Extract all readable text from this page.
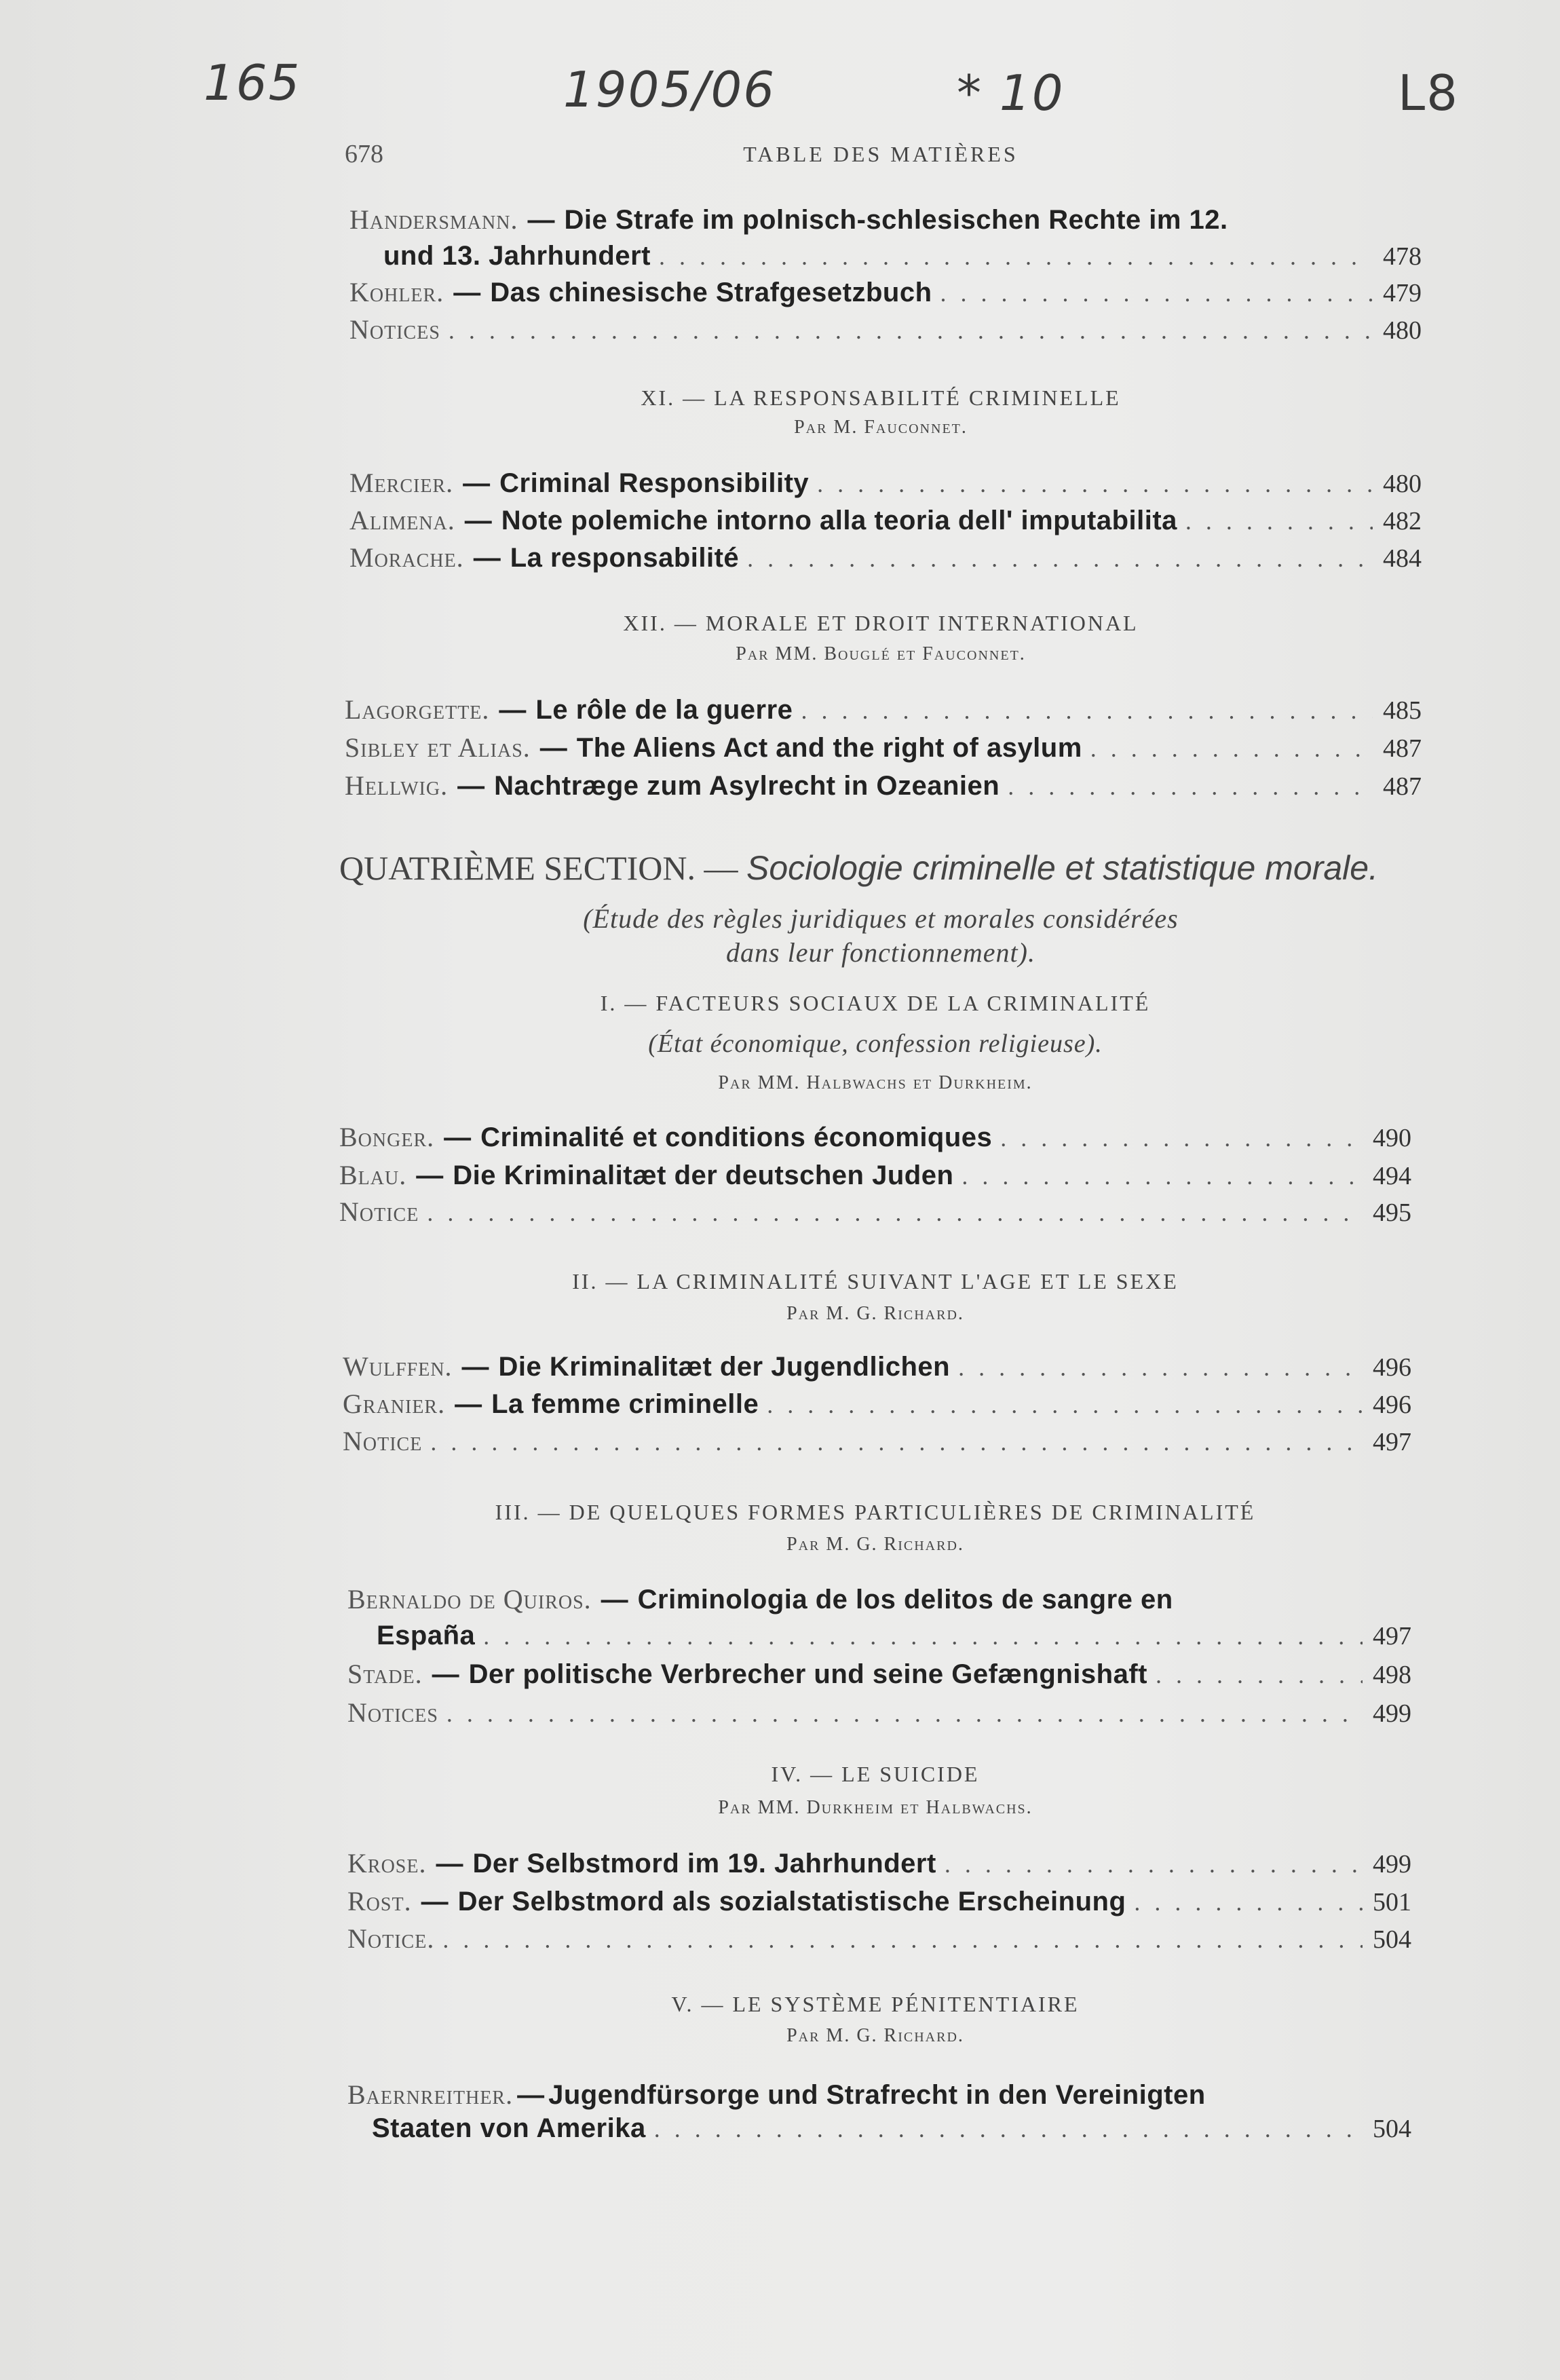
165	1905/06	* 10	L8
678	TABLE DES MATIÈRES
Handersmann. — Die Strafe im polnisch-schlesischen Rechte im 12.
und 13. Jahrhundert . . .	478
Kohler. — Das chinesische Strafgesetzbuch . . .	479
Notices . . .	480
XI. — LA RESPONSABILITÉ CRIMINELLE
Par M. Fauconnet.
Mercier. — Criminal Responsibility . . .	480
Alimena. — Note polemiche intorno alla teoria dell' imputabilita . . .	482
Morache. — La responsabilité . . .	484
XII. — MORALE ET DROIT INTERNATIONAL
Par MM. Bouglé et Fauconnet.
Lagorgette. — Le rôle de la guerre . . .	485
Sibley et Alias. — The Aliens Act and the right of asylum . . .	487
Hellwig. — Nachtræge zum Asylrecht in Ozeanien . . .	487
QUATRIÈME SECTION. — Sociologie criminelle et statistique morale.
(Étude des règles juridiques et morales considérées
dans leur fonctionnement).
I. — FACTEURS SOCIAUX DE LA CRIMINALITÉ
(État économique, confession religieuse).
Par MM. Halbwachs et Durkheim.
Bonger. — Criminalité et conditions économiques . . .	490
Blau. — Die Kriminalitæt der deutschen Juden . . .	494
Notice . . .	495
II. — LA CRIMINALITÉ SUIVANT L'AGE ET LE SEXE
Par M. G. Richard.
Wulffen. — Die Kriminalitæt der Jugendlichen . . .	496
Granier. — La femme criminelle . . .	496
Notice . . .	497
III. — DE QUELQUES FORMES PARTICULIÈRES DE CRIMINALITÉ
Par M. G. Richard.
Bernaldo de Quiros. — Criminologia de los delitos de sangre en
España . . .	497
Stade. — Der politische Verbrecher und seine Gefængnishaft . . .	498
Notices . . .	499
IV. — LE SUICIDE
Par MM. Durkheim et Halbwachs.
Krose. — Der Selbstmord im 19. Jahrhundert . . .	499
Rost. — Der Selbstmord als sozialstatistische Erscheinung . . .	501
Notice. . . .	504
V. — LE SYSTÈME PÉNITENTIAIRE
Par M. G. Richard.
Baernreither. — Jugendfürsorge und Strafrecht in den Vereinigten
Staaten von Amerika . . .	504
